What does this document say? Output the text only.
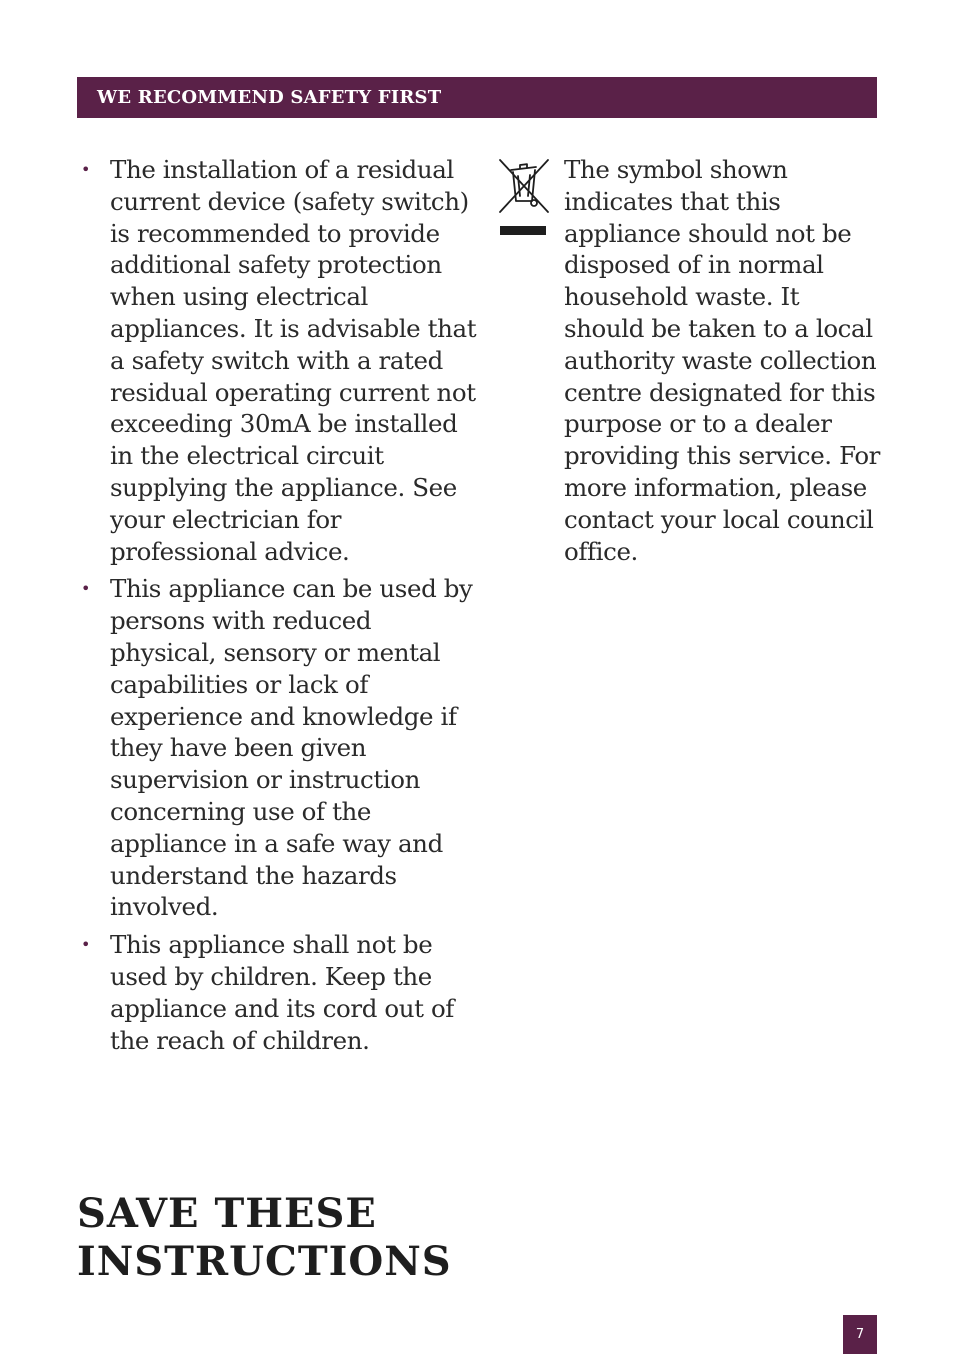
WE RECOMMEND SAFETY FIRST
• The installation of a residual current device (safety switch) is recommended to provide additional safety protection when using electrical appliances. It is advisable that a safety switch with a rated residual operating current not exceeding 30mA be installed in the electrical circuit supplying the appliance. See your electrician for professional advice.
• This appliance can be used by persons with reduced physical, sensory or mental capabilities or lack of experience and knowledge if they have been given supervision or instruction concerning use of the appliance in a safe way and understand the hazards involved.
• This appliance shall not be used by children. Keep the appliance and its cord out of the reach of children.

The symbol shown indicates that this appliance should not be disposed of in normal household waste. It should be taken to a local authority waste collection centre designated for this purpose or to a dealer providing this service. For more information, please contact your local council office.

SAVE THESE
INSTRUCTIONS
7
